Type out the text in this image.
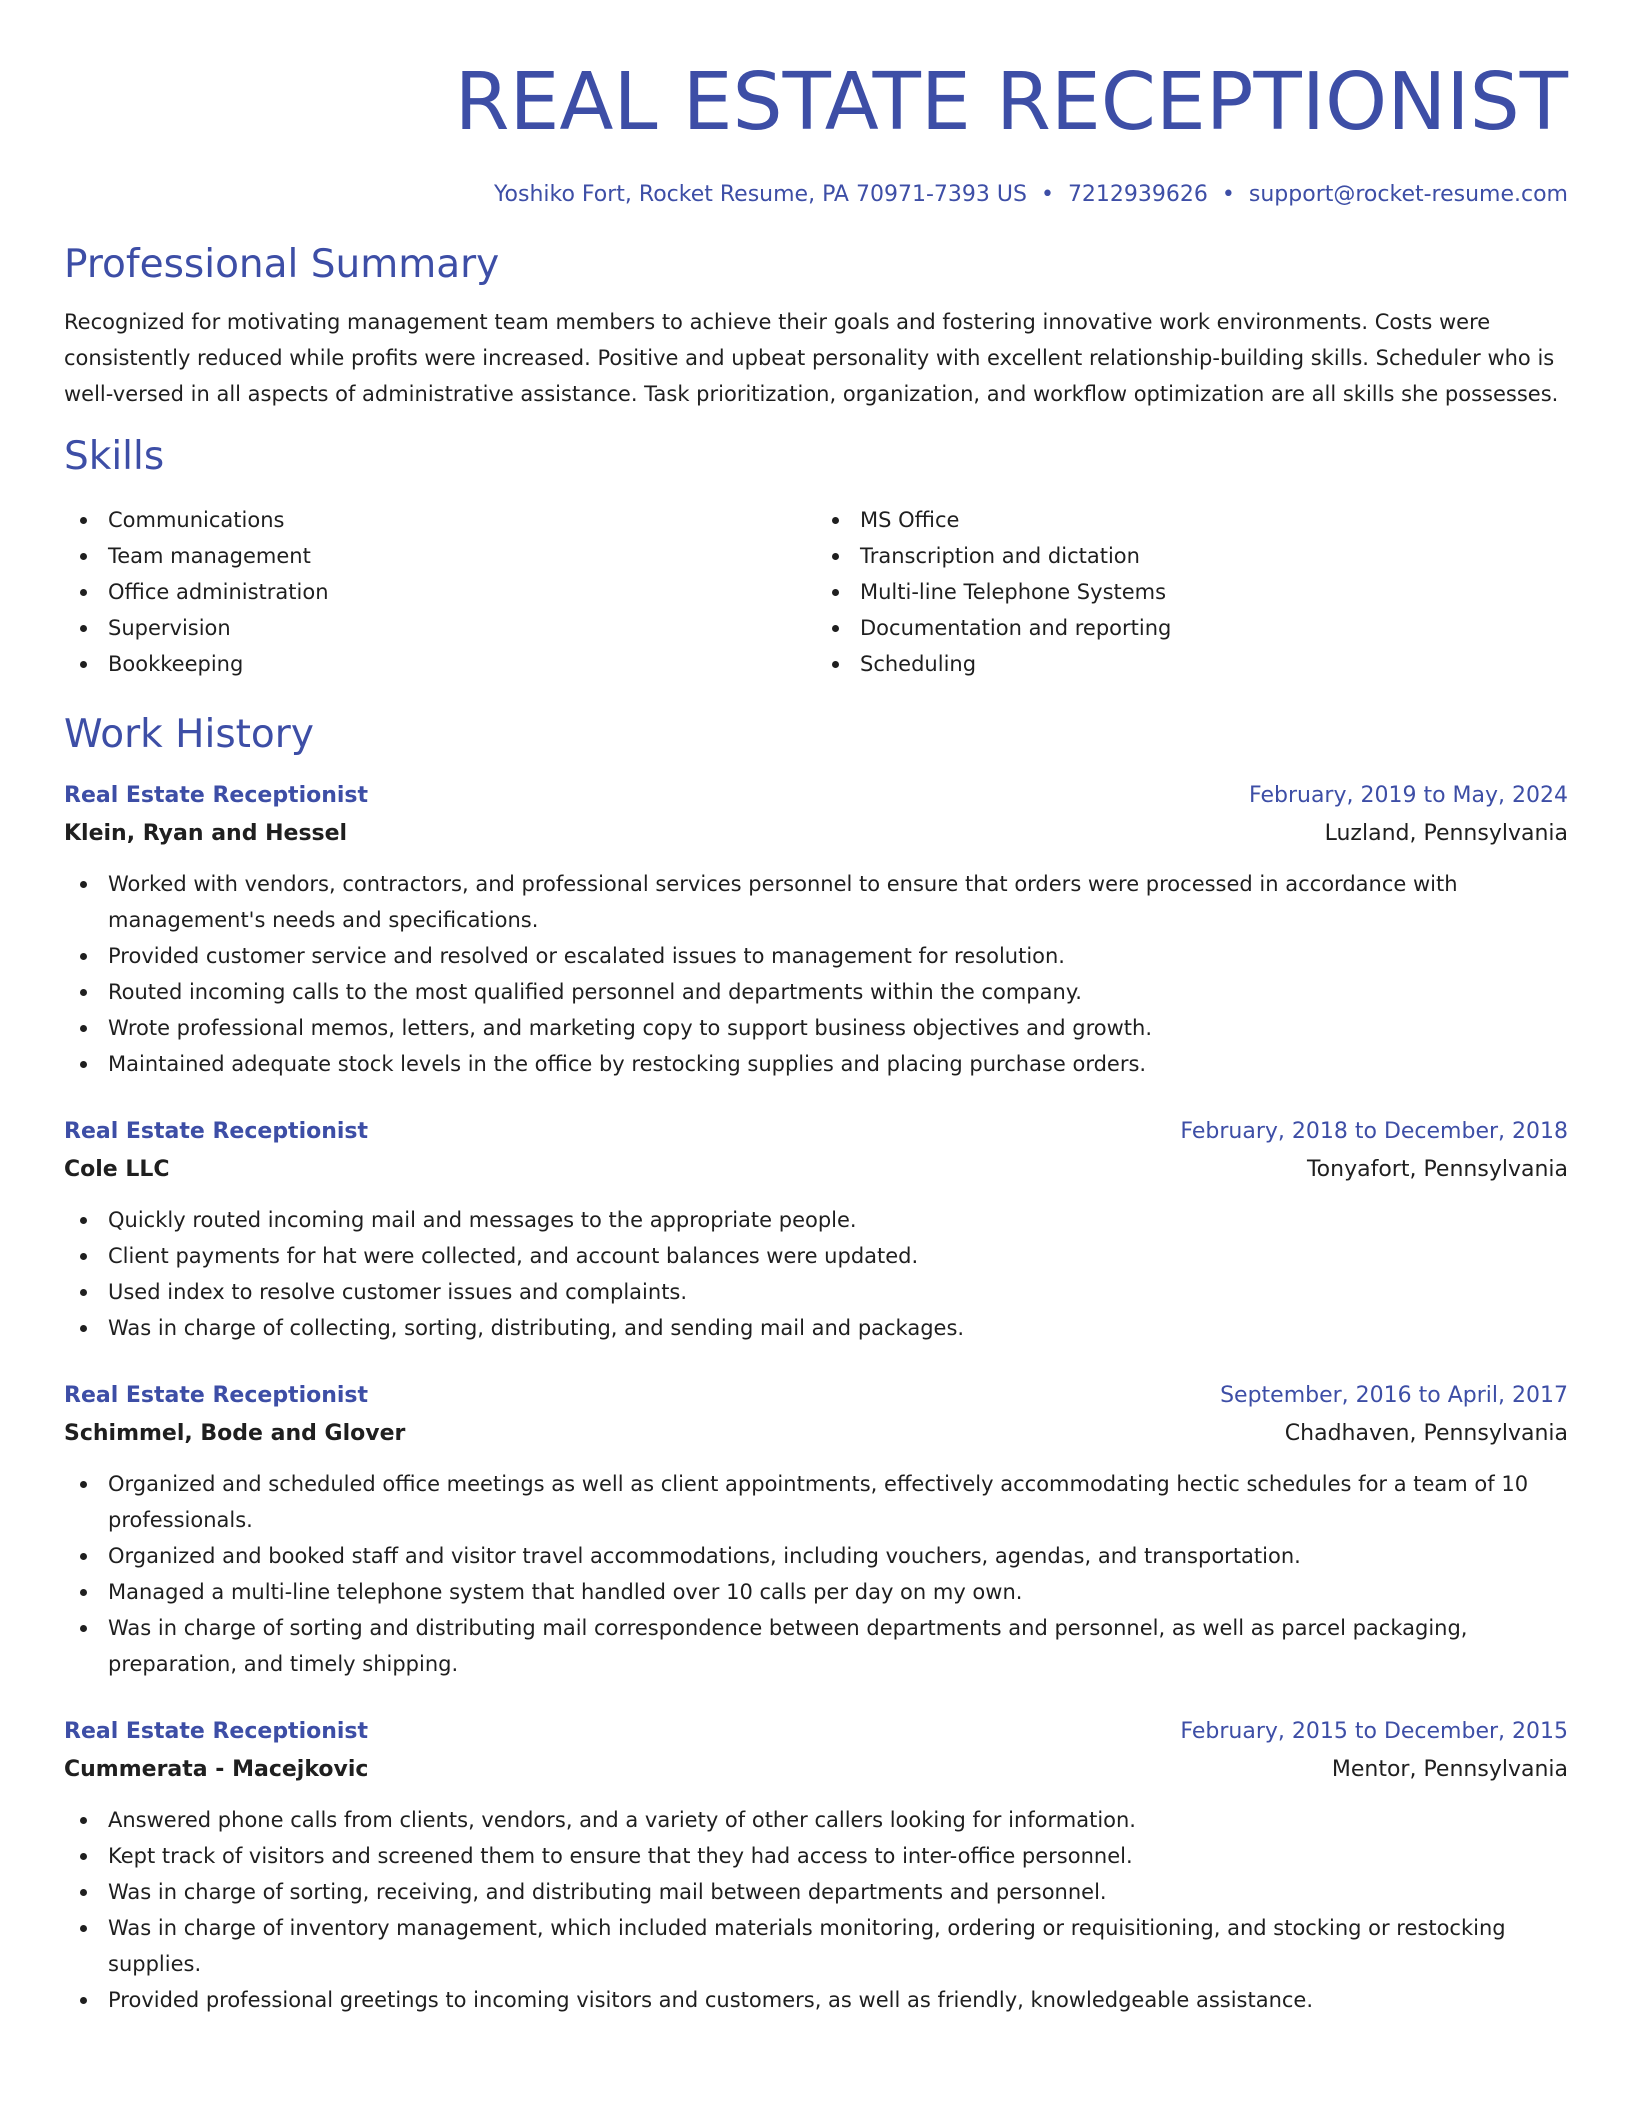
REAL ESTATE RECEPTIONIST
Yoshiko Fort, Rocket Resume, PA 70971-7393 US • 7212939626 • support@rocket-resume.com
Professional Summary
Recognized for motivating management team members to achieve their goals and fostering innovative work environments. Costs were consistently reduced while profits were increased. Positive and upbeat personality with excellent relationship-building skills. Scheduler who is well-versed in all aspects of administrative assistance. Task prioritization, organization, and workflow optimization are all skills she possesses.
Skills
Communications
Team management
Office administration
Supervision
Bookkeeping
MS Office
Transcription and dictation
Multi-line Telephone Systems
Documentation and reporting
Scheduling
Work History
Real Estate Receptionist	February, 2019 to May, 2024
Klein, Ryan and Hessel	Luzland, Pennsylvania
Worked with vendors, contractors, and professional services personnel to ensure that orders were processed in accordance with management's needs and specifications.
Provided customer service and resolved or escalated issues to management for resolution.
Routed incoming calls to the most qualified personnel and departments within the company.
Wrote professional memos, letters, and marketing copy to support business objectives and growth.
Maintained adequate stock levels in the office by restocking supplies and placing purchase orders.
Real Estate Receptionist	February, 2018 to December, 2018
Cole LLC	Tonyafort, Pennsylvania
Quickly routed incoming mail and messages to the appropriate people.
Client payments for hat were collected, and account balances were updated.
Used index to resolve customer issues and complaints.
Was in charge of collecting, sorting, distributing, and sending mail and packages.
Real Estate Receptionist	September, 2016 to April, 2017
Schimmel, Bode and Glover	Chadhaven, Pennsylvania
Organized and scheduled office meetings as well as client appointments, effectively accommodating hectic schedules for a team of 10 professionals.
Organized and booked staff and visitor travel accommodations, including vouchers, agendas, and transportation.
Managed a multi-line telephone system that handled over 10 calls per day on my own.
Was in charge of sorting and distributing mail correspondence between departments and personnel, as well as parcel packaging, preparation, and timely shipping.
Real Estate Receptionist	February, 2015 to December, 2015
Cummerata - Macejkovic	Mentor, Pennsylvania
Answered phone calls from clients, vendors, and a variety of other callers looking for information.
Kept track of visitors and screened them to ensure that they had access to inter-office personnel.
Was in charge of sorting, receiving, and distributing mail between departments and personnel.
Was in charge of inventory management, which included materials monitoring, ordering or requisitioning, and stocking or restocking supplies.
Provided professional greetings to incoming visitors and customers, as well as friendly, knowledgeable assistance.
